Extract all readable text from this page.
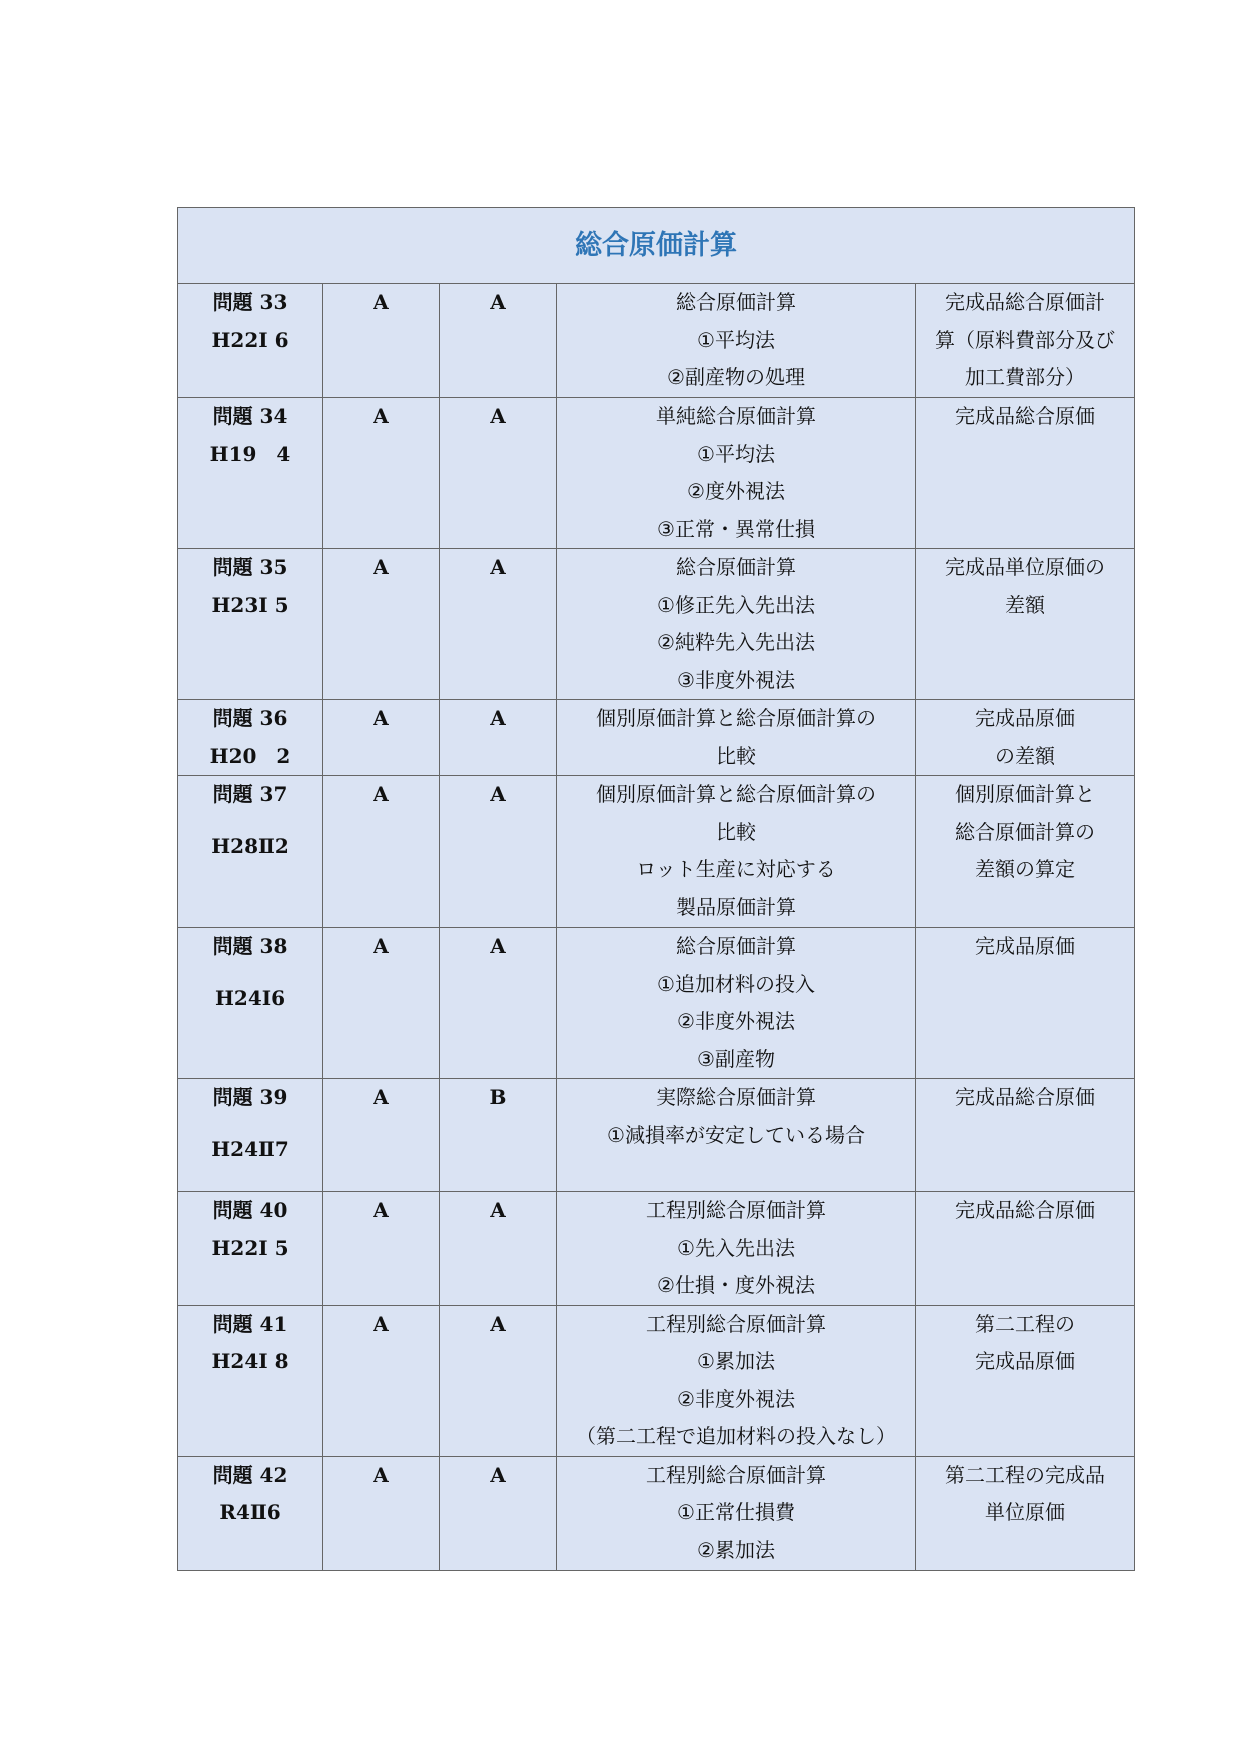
総合原価計算				

問題 33
H22I 6	A	A	総合原価計算
①平均法
②副産物の処理	完成品総合原価計
算（原料費部分及び
加工費部分）

問題 34
H19　4	A	A	単純総合原価計算
①平均法
②度外視法
③正常・異常仕損	完成品総合原価

問題 35
H23I 5	A	A	総合原価計算
①修正先入先出法
②純粋先入先出法
③非度外視法	完成品単位原価の
差額

問題 36
H20　2	A	A	個別原価計算と総合原価計算の
比較	完成品原価
の差額

問題 37
H28Ⅱ2	A	A	個別原価計算と総合原価計算の
比較
ロット生産に対応する
製品原価計算	個別原価計算と
総合原価計算の
差額の算定

問題 38
H24Ⅰ6	A	A	総合原価計算
①追加材料の投入
②非度外視法
③副産物	完成品原価

問題 39
H24Ⅱ7	A	B	実際総合原価計算
①減損率が安定している場合	完成品総合原価

問題 40
H22I 5	A	A	工程別総合原価計算
①先入先出法
②仕損・度外視法	完成品総合原価

問題 41
H24I 8	A	A	工程別総合原価計算
①累加法
②非度外視法
（第二工程で追加材料の投入なし）	第二工程の
完成品原価

問題 42
R4Ⅱ6	A	A	工程別総合原価計算
①正常仕損費
②累加法	第二工程の完成品
単位原価
